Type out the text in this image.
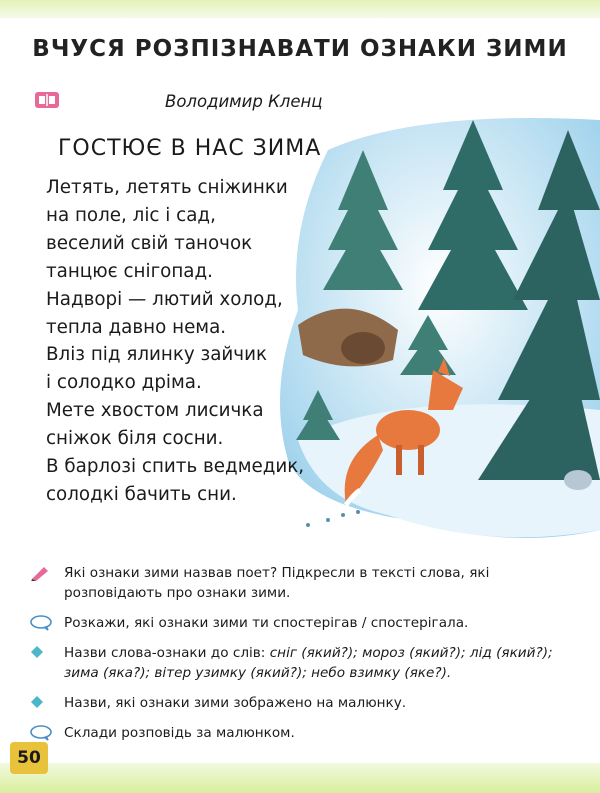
ВЧУСЯ РОЗПІЗНАВАТИ ОЗНАКИ ЗИМИ
Володимир Кленц
ГОСТЮЄ В НАС ЗИМА
Летять, летять сніжинки
на поле, ліс і сад,
веселий свій таночок
танцює снігопад.
Надворі — лютий холод,
тепла давно нема.
Вліз під ялинку зайчик
і солодко дріма.
Мете хвостом лисичка
сніжок біля сосни.
В барлозі спить ведмедик,
солодкі бачить сни.
Які ознаки зими назвав поет? Підкресли в тексті слова, які розповідають про ознаки зими.
Розкажи, які ознаки зими ти спостерігав / спостерігала.
Назви слова-ознаки до слів: сніг (який?); мороз (який?); лід (який?); зима (яка?); вітер узимку (який?); небо взимку (яке?).
Назви, які ознаки зими зображено на малюнку.
Склади розповідь за малюнком.
50
